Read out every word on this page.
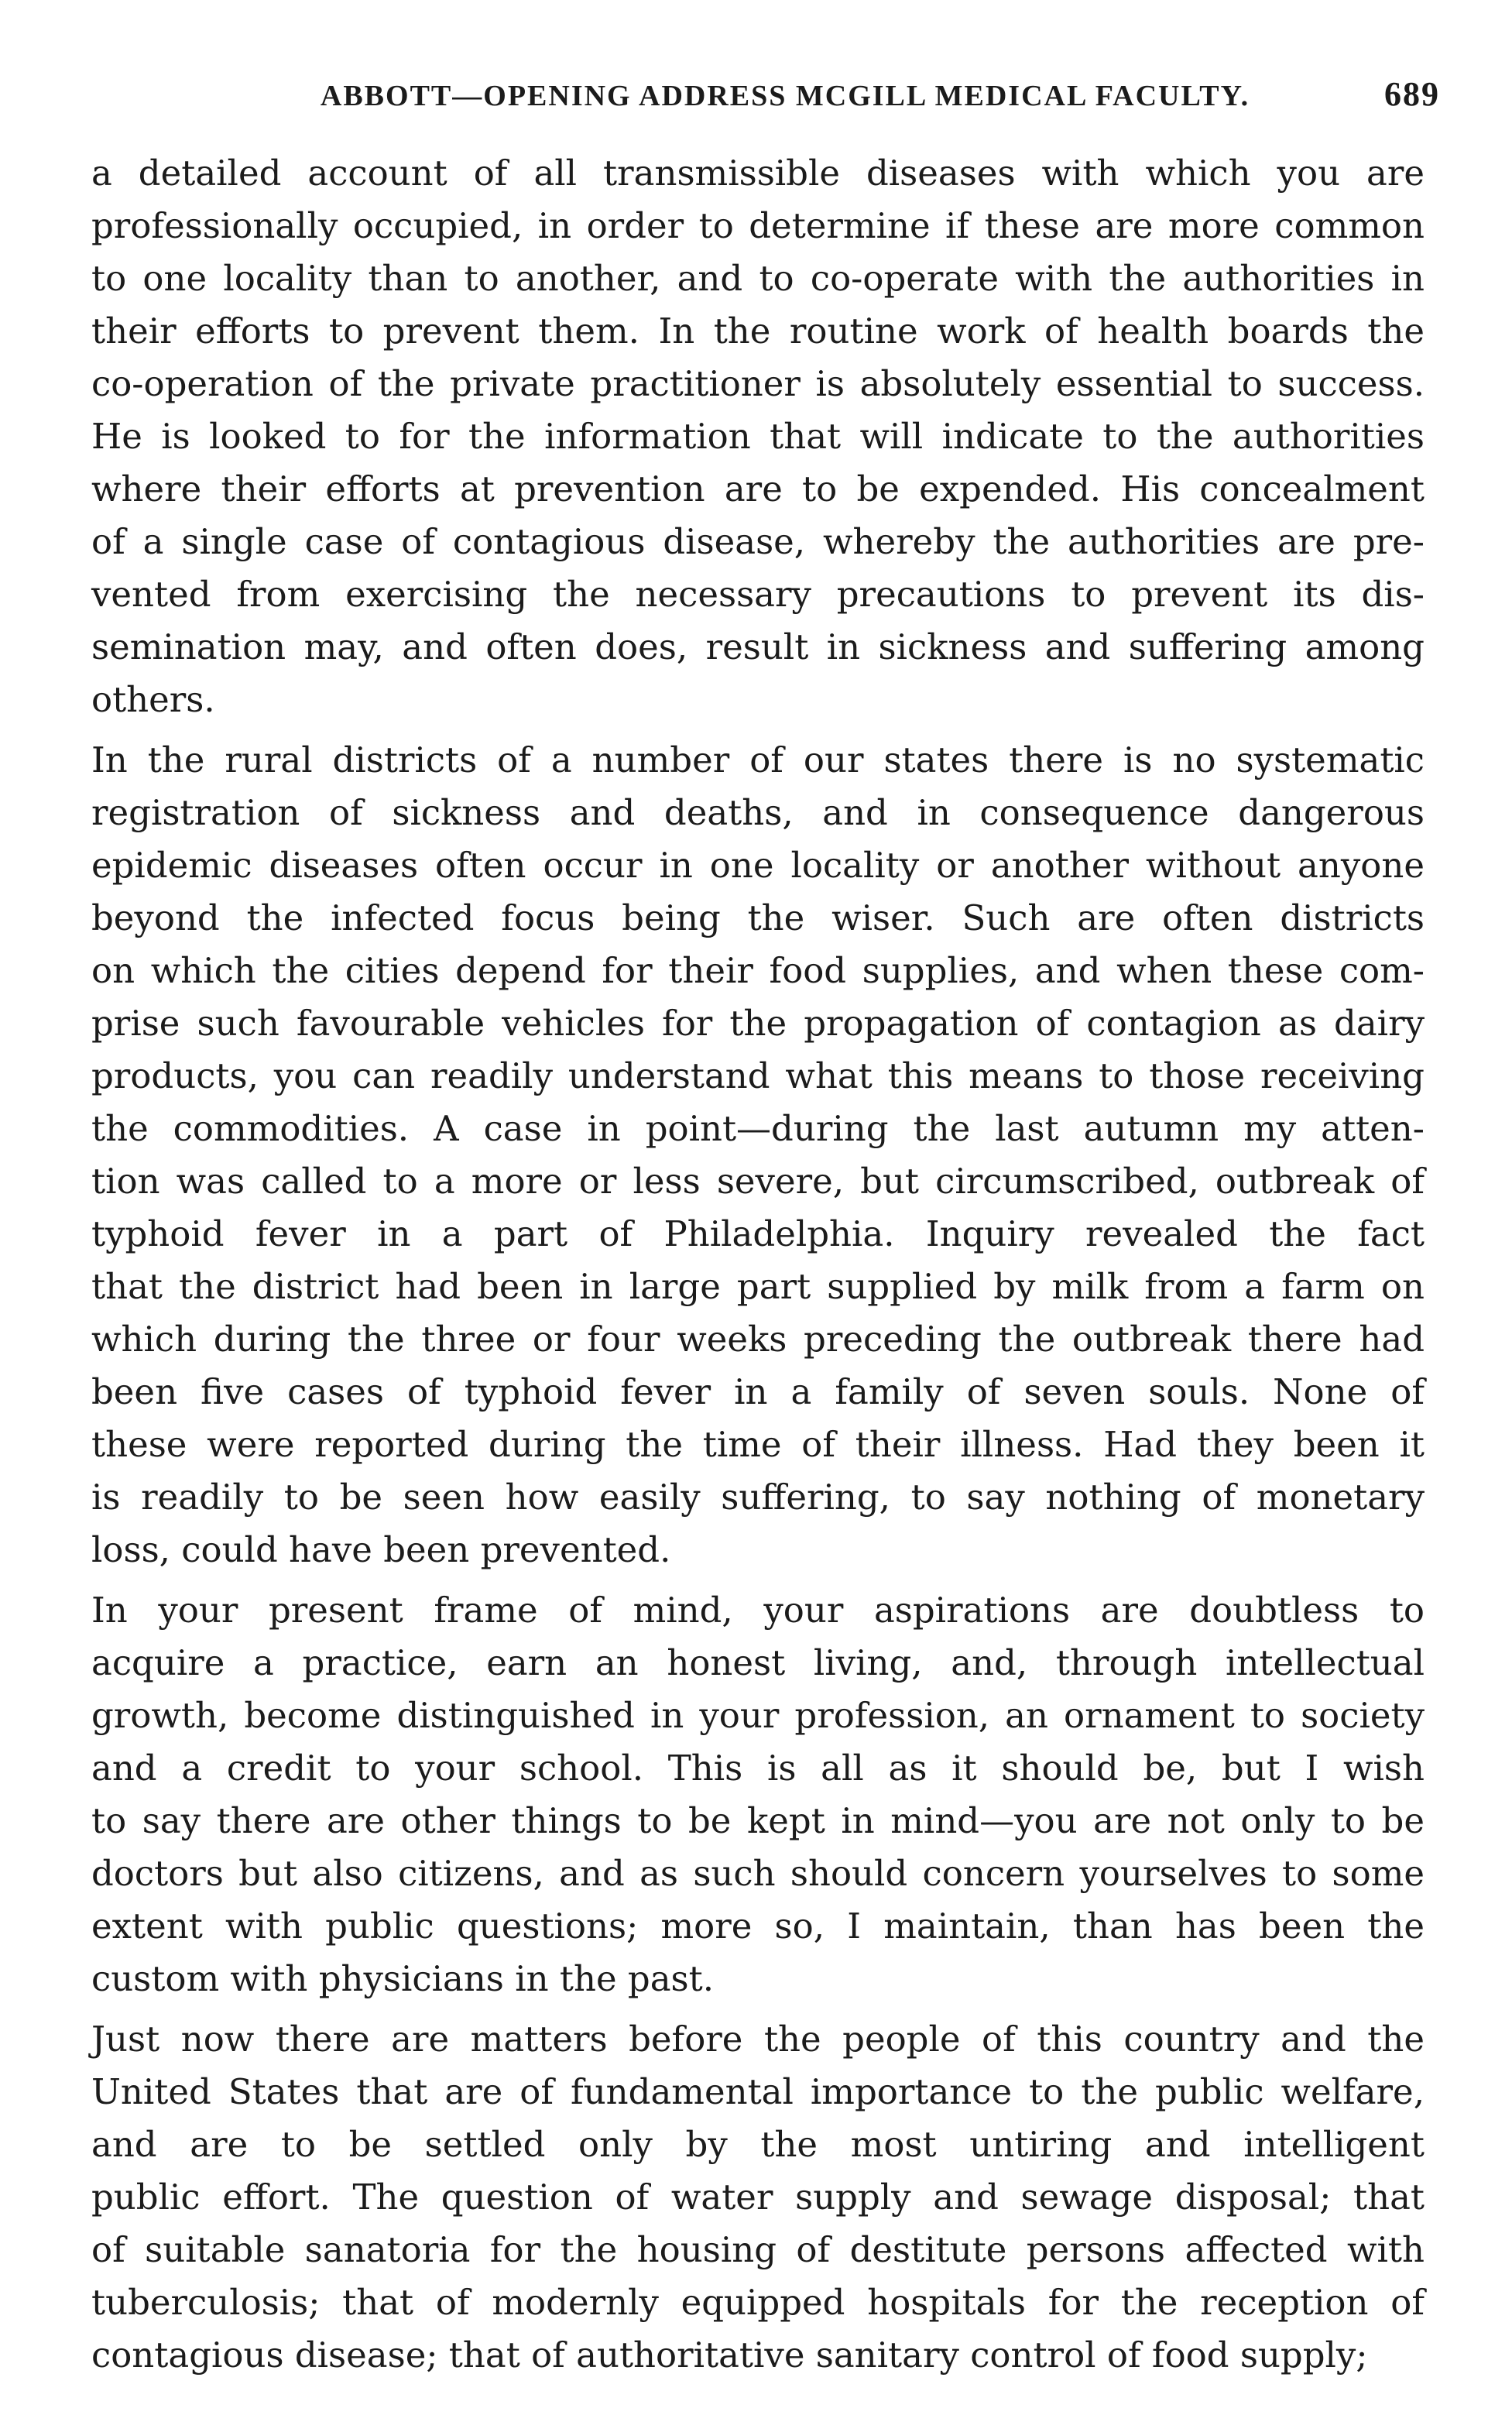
ABBOTT—OPENING ADDRESS MCGILL MEDICAL FACULTY.	689
a detailed account of all transmissible diseases with which you are
professionally occupied, in order to determine if these are more common
to one locality than to another, and to co-operate with the authorities in
their efforts to prevent them. In the routine work of health boards the
co-operation of the private practitioner is absolutely essential to success.
He is looked to for the information that will indicate to the authorities
where their efforts at prevention are to be expended. His concealment
of a single case of contagious disease, whereby the authorities are pre-
vented from exercising the necessary precautions to prevent its dis-
semination may, and often does, result in sickness and suffering among
others.
In the rural districts of a number of our states there is no systematic
registration of sickness and deaths, and in consequence dangerous
epidemic diseases often occur in one locality or another without anyone
beyond the infected focus being the wiser. Such are often districts
on which the cities depend for their food supplies, and when these com-
prise such favourable vehicles for the propagation of contagion as dairy
products, you can readily understand what this means to those receiving
the commodities. A case in point—during the last autumn my atten-
tion was called to a more or less severe, but circumscribed, outbreak of
typhoid fever in a part of Philadelphia. Inquiry revealed the fact
that the district had been in large part supplied by milk from a farm on
which during the three or four weeks preceding the outbreak there had
been five cases of typhoid fever in a family of seven souls. None of
these were reported during the time of their illness. Had they been it
is readily to be seen how easily suffering, to say nothing of monetary
loss, could have been prevented.
In your present frame of mind, your aspirations are doubtless to
acquire a practice, earn an honest living, and, through intellectual
growth, become distinguished in your profession, an ornament to society
and a credit to your school. This is all as it should be, but I wish
to say there are other things to be kept in mind—you are not only to be
doctors but also citizens, and as such should concern yourselves to some
extent with public questions; more so, I maintain, than has been the
custom with physicians in the past.
Just now there are matters before the people of this country and the
United States that are of fundamental importance to the public welfare,
and are to be settled only by the most untiring and intelligent
public effort. The question of water supply and sewage disposal; that
of suitable sanatoria for the housing of destitute persons affected with
tuberculosis; that of modernly equipped hospitals for the reception of
contagious disease; that of authoritative sanitary control of food supply;
